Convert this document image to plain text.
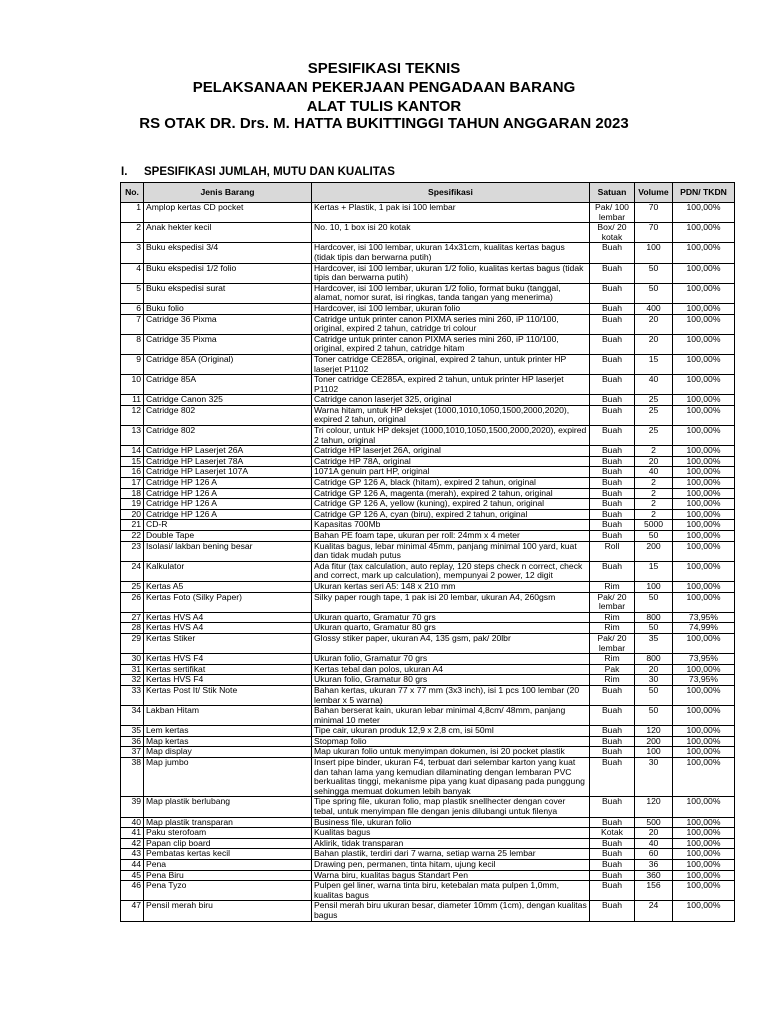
SPESIFIKASI TEKNIS
PELAKSANAAN PEKERJAAN PENGADAAN BARANG
ALAT TULIS KANTOR
RS OTAK DR. Drs. M. HATTA BUKITTINGGI TAHUN ANGGARAN 2023
I. SPESIFIKASI JUMLAH, MUTU DAN KUALITAS
No.	Jenis Barang	Spesifikasi	Satuan	Volume	PDN/ TKDN
1	Amplop kertas CD pocket	Kertas + Plastik, 1 pak isi 100 lembar	Pak/ 100 lembar	70	100,00%
2	Anak hekter kecil	No. 10, 1 box isi 20 kotak	Box/ 20 kotak	70	100,00%
3	Buku ekspedisi 3/4	Hardcover, isi 100 lembar, ukuran 14x31cm, kualitas kertas bagus (tidak tipis dan berwarna putih)	Buah	100	100,00%
4	Buku ekspedisi 1/2 folio	Hardcover, isi 100 lembar, ukuran 1/2 folio, kualitas kertas bagus (tidak tipis dan berwarna putih)	Buah	50	100,00%
5	Buku ekspedisi surat	Hardcover, isi 100 lembar, ukuran 1/2 folio, format buku (tanggal, alamat, nomor surat, isi ringkas, tanda tangan yang menerima)	Buah	50	100,00%
6	Buku folio	Hardcover, isi 100 lembar, ukuran folio	Buah	400	100,00%
7	Catridge 36 Pixma	Catridge untuk printer canon PIXMA series mini 260, iP 110/100, original, expired 2 tahun, catridge tri colour	Buah	20	100,00%
8	Catridge 35 Pixma	Catridge untuk printer canon PIXMA series mini 260, iP 110/100, original, expired 2 tahun, catridge hitam	Buah	20	100,00%
9	Catridge 85A (Original)	Toner catridge CE285A, original, expired 2 tahun, untuk printer HP laserjet P1102	Buah	15	100,00%
10	Catridge 85A	Toner catridge CE285A, expired 2 tahun, untuk printer HP laserjet P1102	Buah	40	100,00%
11	Catridge Canon 325	Catridge canon laserjet 325, original	Buah	25	100,00%
12	Catridge 802	Warna hitam, untuk HP deksjet (1000,1010,1050,1500,2000,2020), expired 2 tahun, original	Buah	25	100,00%
13	Catridge 802	Tri colour, untuk HP deksjet (1000,1010,1050,1500,2000,2020), expired 2 tahun, original	Buah	25	100,00%
14	Catridge HP Laserjet 26A	Catridge HP laserjet 26A, original	Buah	2	100,00%
15	Catridge HP Laserjet 78A	Catridge HP 78A, original	Buah	20	100,00%
16	Catridge HP Laserjet 107A	1071A genuin part HP, original	Buah	40	100,00%
17	Catridge HP 126 A	Catridge GP 126 A, black (hitam), expired 2 tahun, original	Buah	2	100,00%
18	Catridge HP 126 A	Catridge GP 126 A, magenta (merah), expired 2 tahun, original	Buah	2	100,00%
19	Catridge HP 126 A	Catridge GP 126 A, yellow (kuning), expired 2 tahun, original	Buah	2	100,00%
20	Catridge HP 126 A	Catridge GP 126 A, cyan (biru), expired 2 tahun, original	Buah	2	100,00%
21	CD-R	Kapasitas 700Mb	Buah	5000	100,00%
22	Double Tape	Bahan PE foam tape, ukuran per roll: 24mm x 4 meter	Buah	50	100,00%
23	Isolasi/ lakban bening besar	Kualitas bagus, lebar minimal 45mm, panjang minimal 100 yard, kuat dan tidak mudah putus	Roll	200	100,00%
24	Kalkulator	Ada fitur (tax calculation, auto replay, 120 steps check n correct, check and correct, mark up calculation), mempunyai 2 power, 12 digit	Buah	15	100,00%
25	Kertas A5	Ukuran kertas seri A5: 148 x 210 mm	Rim	100	100,00%
26	Kertas Foto (Silky Paper)	Silky paper rough tape, 1 pak isi 20 lembar, ukuran A4, 260gsm	Pak/ 20 lembar	50	100,00%
27	Kertas HVS A4	Ukuran quarto, Gramatur 70 grs	Rim	800	73,95%
28	Kertas HVS A4	Ukuran quarto, Gramatur 80 grs	Rim	50	74,99%
29	Kertas Stiker	Glossy stiker paper, ukuran A4, 135 gsm, pak/ 20lbr	Pak/ 20 lembar	35	100,00%
30	Kertas HVS F4	Ukuran folio, Gramatur 70 grs	Rim	800	73,95%
31	Kertas sertifikat	Kertas tebal dan polos, ukuran A4	Pak	20	100,00%
32	Kertas HVS F4	Ukuran folio, Gramatur 80 grs	Rim	30	73,95%
33	Kertas Post It/ Stik Note	Bahan kertas, ukuran 77 x 77 mm (3x3 inch), isi 1 pcs 100 lembar (20 lembar x 5 warna)	Buah	50	100,00%
34	Lakban Hitam	Bahan berserat kain, ukuran lebar minimal 4,8cm/ 48mm, panjang minimal 10 meter	Buah	50	100,00%
35	Lem kertas	Tipe cair, ukuran produk 12,9 x 2,8 cm, isi 50ml	Buah	120	100,00%
36	Map kertas	Stopmap folio	Buah	200	100,00%
37	Map display	Map ukuran folio untuk menyimpan dokumen, isi 20 pocket plastik	Buah	100	100,00%
38	Map jumbo	Insert pipe binder, ukuran F4, terbuat dari selembar karton yang kuat dan tahan lama yang kemudian dilaminating dengan lembaran PVC berkualitas tinggi, mekanisme pipa yang kuat dipasang pada punggung sehingga memuat dokumen lebih banyak	Buah	30	100,00%
39	Map plastik berlubang	Tipe spring file, ukuran folio, map plastik snellhecter dengan cover tebal, untuk menyimpan file dengan jenis dilubangi untuk filenya	Buah	120	100,00%
40	Map plastik transparan	Business file, ukuran folio	Buah	500	100,00%
41	Paku sterofoam	Kualitas bagus	Kotak	20	100,00%
42	Papan clip board	Aklirik, tidak transparan	Buah	40	100,00%
43	Pembatas kertas kecil	Bahan plastik, terdiri dari 7 warna, setiap warna 25 lembar	Buah	60	100,00%
44	Pena	Drawing pen, permanen, tinta hitam, ujung kecil	Buah	36	100,00%
45	Pena Biru	Warna biru, kualitas bagus Standart Pen	Buah	360	100,00%
46	Pena Tyzo	Pulpen gel liner, warna tinta biru, ketebalan mata pulpen 1,0mm, kualitas bagus	Buah	156	100,00%
47	Pensil merah biru	Pensil merah biru ukuran besar, diameter 10mm (1cm), dengan kualitas bagus	Buah	24	100,00%
